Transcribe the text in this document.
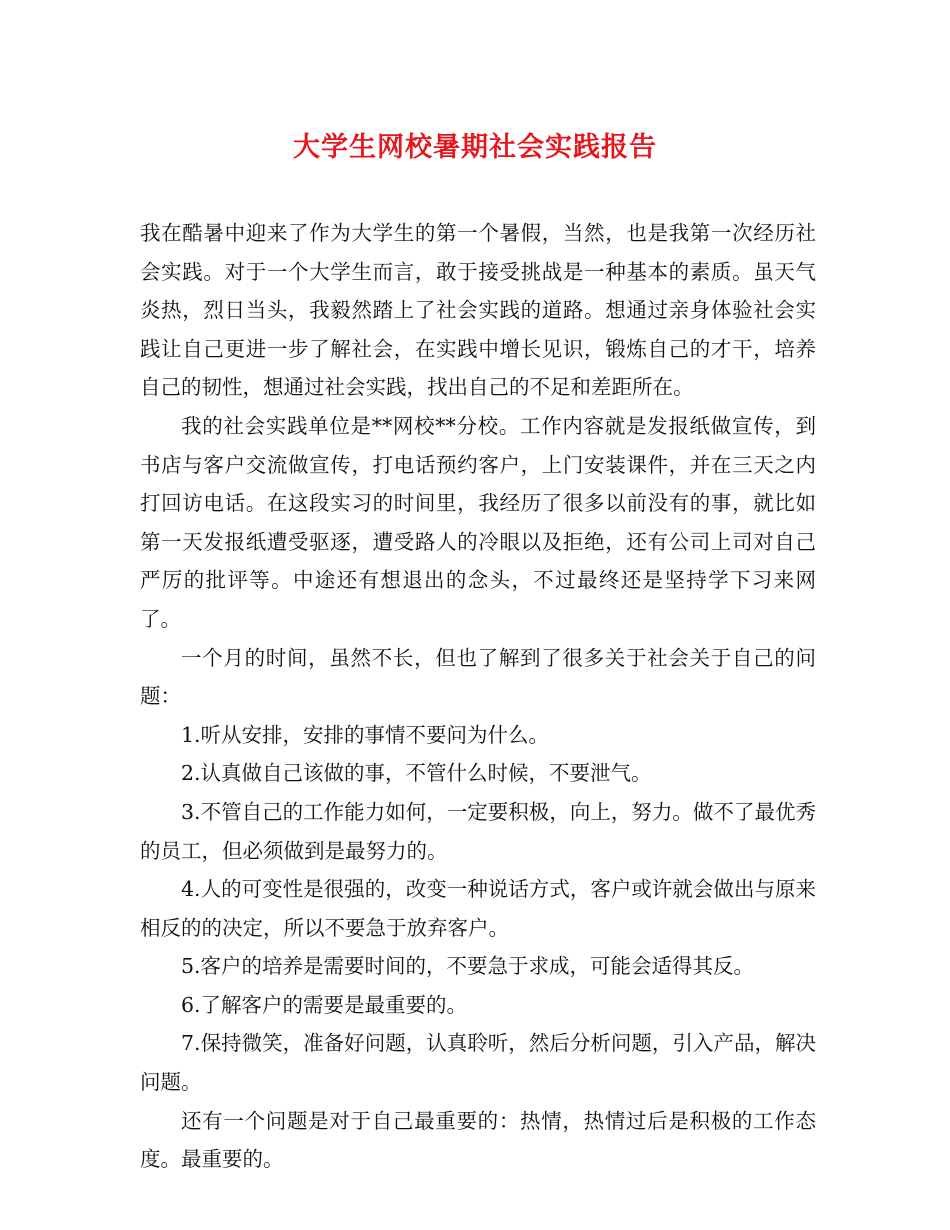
大学生网校暑期社会实践报告

我在酷暑中迎来了作为大学生的第一个暑假，当然，也是我第一次经历社会实践。对于一个大学生而言，敢于接受挑战是一种基本的素质。虽天气炎热，烈日当头，我毅然踏上了社会实践的道路。想通过亲身体验社会实践让自己更进一步了解社会，在实践中增长见识，锻炼自己的才干，培养自己的韧性，想通过社会实践，找出自己的不足和差距所在。

我的社会实践单位是**网校**分校。工作内容就是发报纸做宣传，到书店与客户交流做宣传，打电话预约客户，上门安装课件，并在三天之内打回访电话。在这段实习的时间里，我经历了很多以前没有的事，就比如第一天发报纸遭受驱逐，遭受路人的冷眼以及拒绝，还有公司上司对自己严厉的批评等。中途还有想退出的念头，不过最终还是坚持学下习来网了。

一个月的时间，虽然不长，但也了解到了很多关于社会关于自己的问题：

1.听从安排，安排的事情不要问为什么。

2.认真做自己该做的事，不管什么时候，不要泄气。

3.不管自己的工作能力如何，一定要积极，向上，努力。做不了最优秀的员工，但必须做到是最努力的。

4.人的可变性是很强的，改变一种说话方式，客户或许就会做出与原来相反的的决定，所以不要急于放弃客户。

5.客户的培养是需要时间的，不要急于求成，可能会适得其反。

6.了解客户的需要是最重要的。

7.保持微笑，准备好问题，认真聆听，然后分析问题，引入产品，解决问题。

还有一个问题是对于自己最重要的：热情，热情过后是积极的工作态度。最重要的。
